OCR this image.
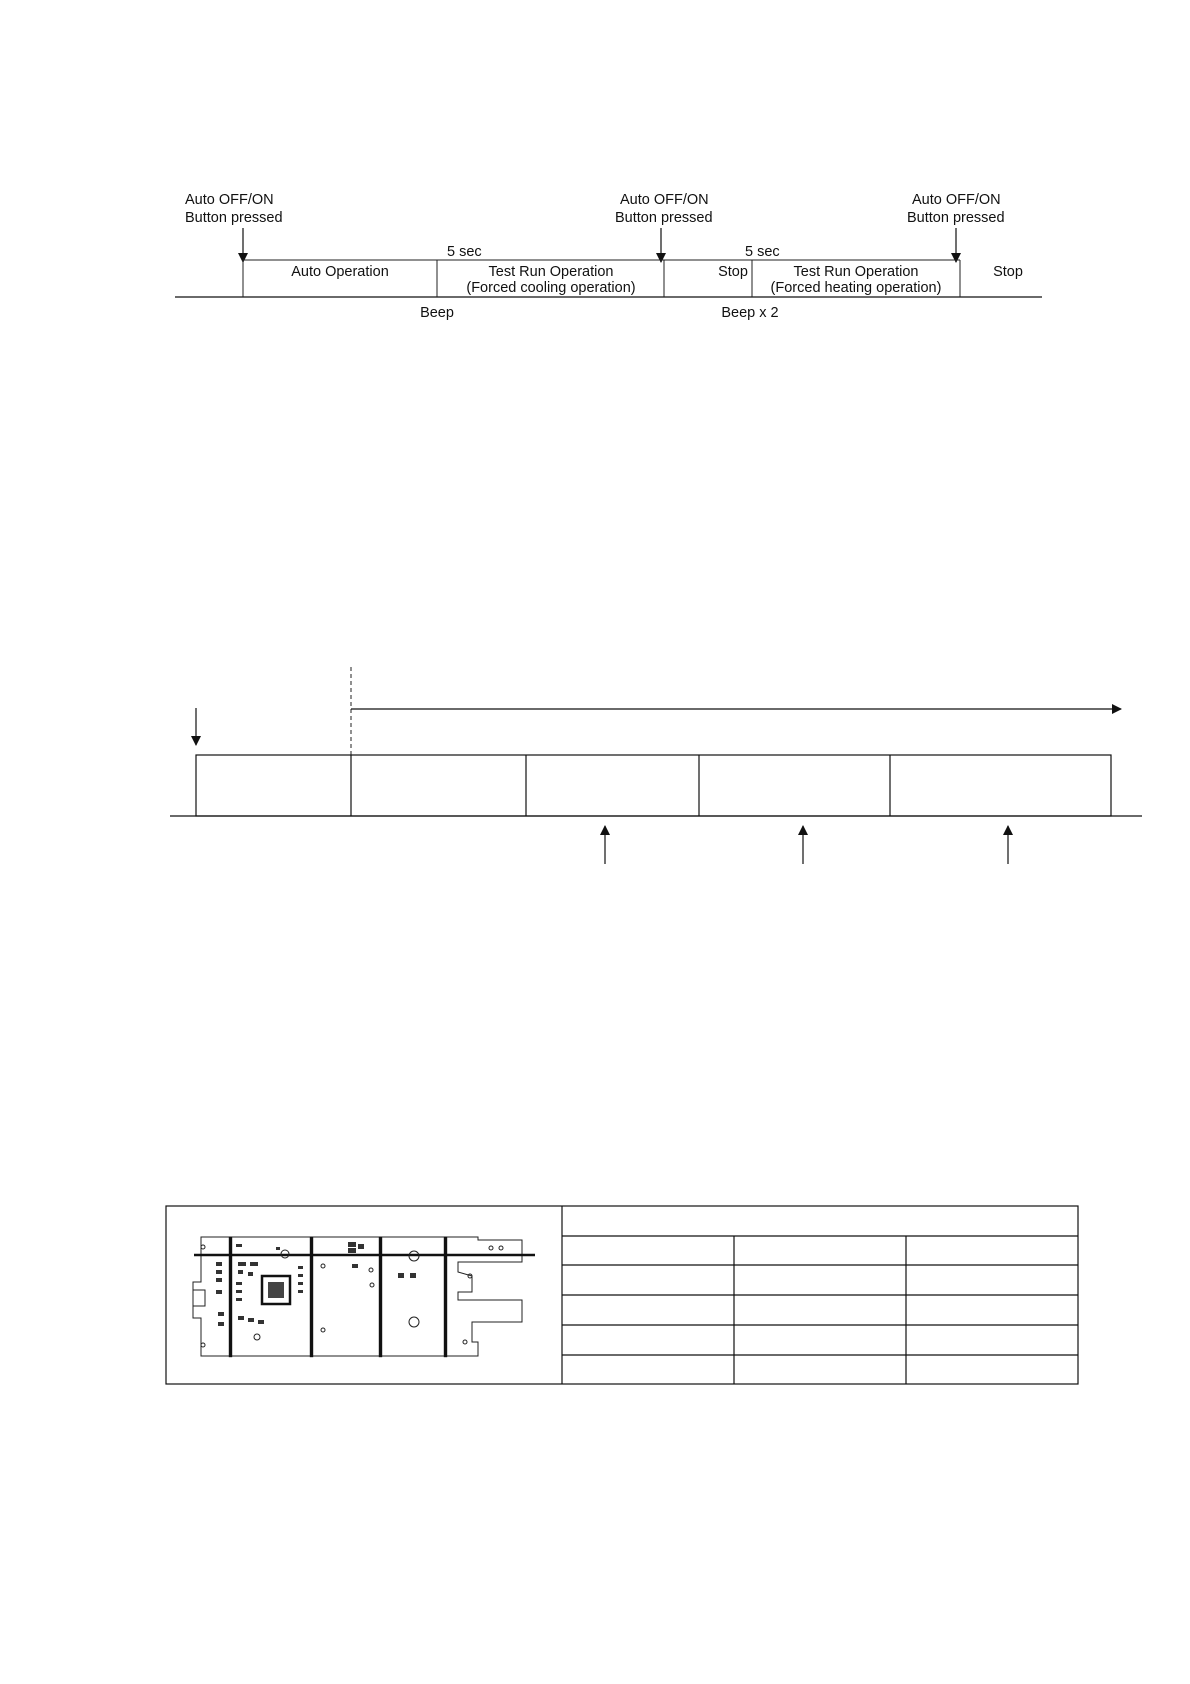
Auto OFF/ON
Button pressed
Auto OFF/ON
Button pressed
Auto OFF/ON
Button pressed
5 sec	5 sec
Auto Operation	Test Run Operation
(Forced cooling operation)
Stop	Test Run Operation
(Forced heating operation)
Stop
Beep	Beep x 2
